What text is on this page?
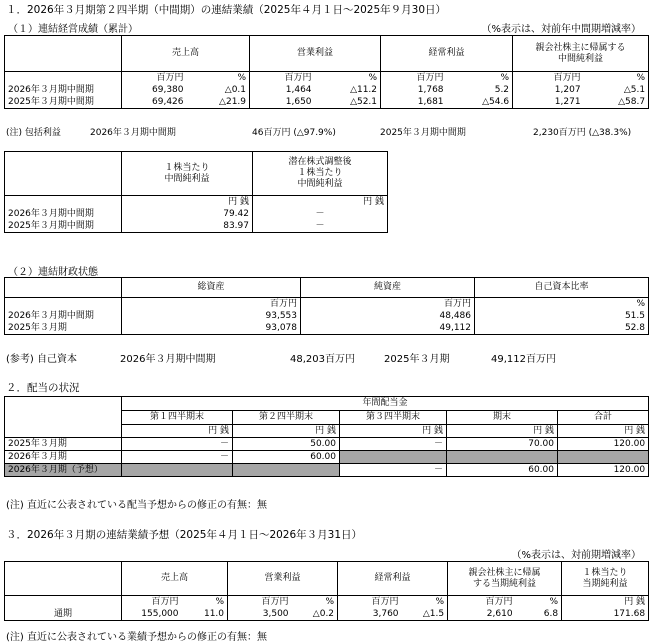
１．2026年３月期第２四半期（中間期）の連結業績（2025年４月１日～2025年９月30日）
（１）連結経営成績（累計）	（%表示は、対前年中間期増減率）
	売上高		営業利益		経常利益		親会社株主に帰属する
中間純利益	
	百万円	%	百万円	%	百万円	%	百万円	%
2026年３月期中間期	69,380	△0.1	1,464	△11.2	1,768	5.2	1,207	△5.1
2025年３月期中間期	69,426	△21.9	1,650	△52.1	1,681	△54.6	1,271	△58.7
(注) 包括利益	2026年３月期中間期	46百万円 (△97.9%)	2025年３月期中間期	2,230百万円 (△38.3%)
	１株当たり
中間純利益	潜在株式調整後
１株当たり
中間純利益
	円 銭	円 銭
2026年３月期中間期	79.42	－
2025年３月期中間期	83.97	－
（２）連結財政状態
	総資産	純資産	自己資本比率
	百万円	百万円	%
2026年３月期中間期	93,553	48,486	51.5
2025年３月期	93,078	49,112	52.8
(参考) 自己資本	2026年３月期中間期	48,203百万円	2025年３月期	49,112百万円
２．配当の状況
	年間配当金				
	第１四半期末	第２四半期末	第３四半期末	期末	合計
	円 銭	円 銭	円 銭	円 銭	円 銭
2025年３月期	－	50.00	－	70.00	120.00
2026年３月期	－	60.00			
2026年３月期（予想）			－	60.00	120.00
(注) 直近に公表されている配当予想からの修正の有無：無
３．2026年３月期の連結業績予想（2025年４月１日～2026年３月31日）
（%表示は、対前期増減率）
	売上高		営業利益		経常利益		親会社株主に帰属
する当期純利益		１株当たり
当期純利益
	百万円	%	百万円	%	百万円	%	百万円	%	円 銭
通期	155,000	11.0	3,500	△0.2	3,760	△1.5	2,610	6.8	171.68
(注) 直近に公表されている業績予想からの修正の有無：無
